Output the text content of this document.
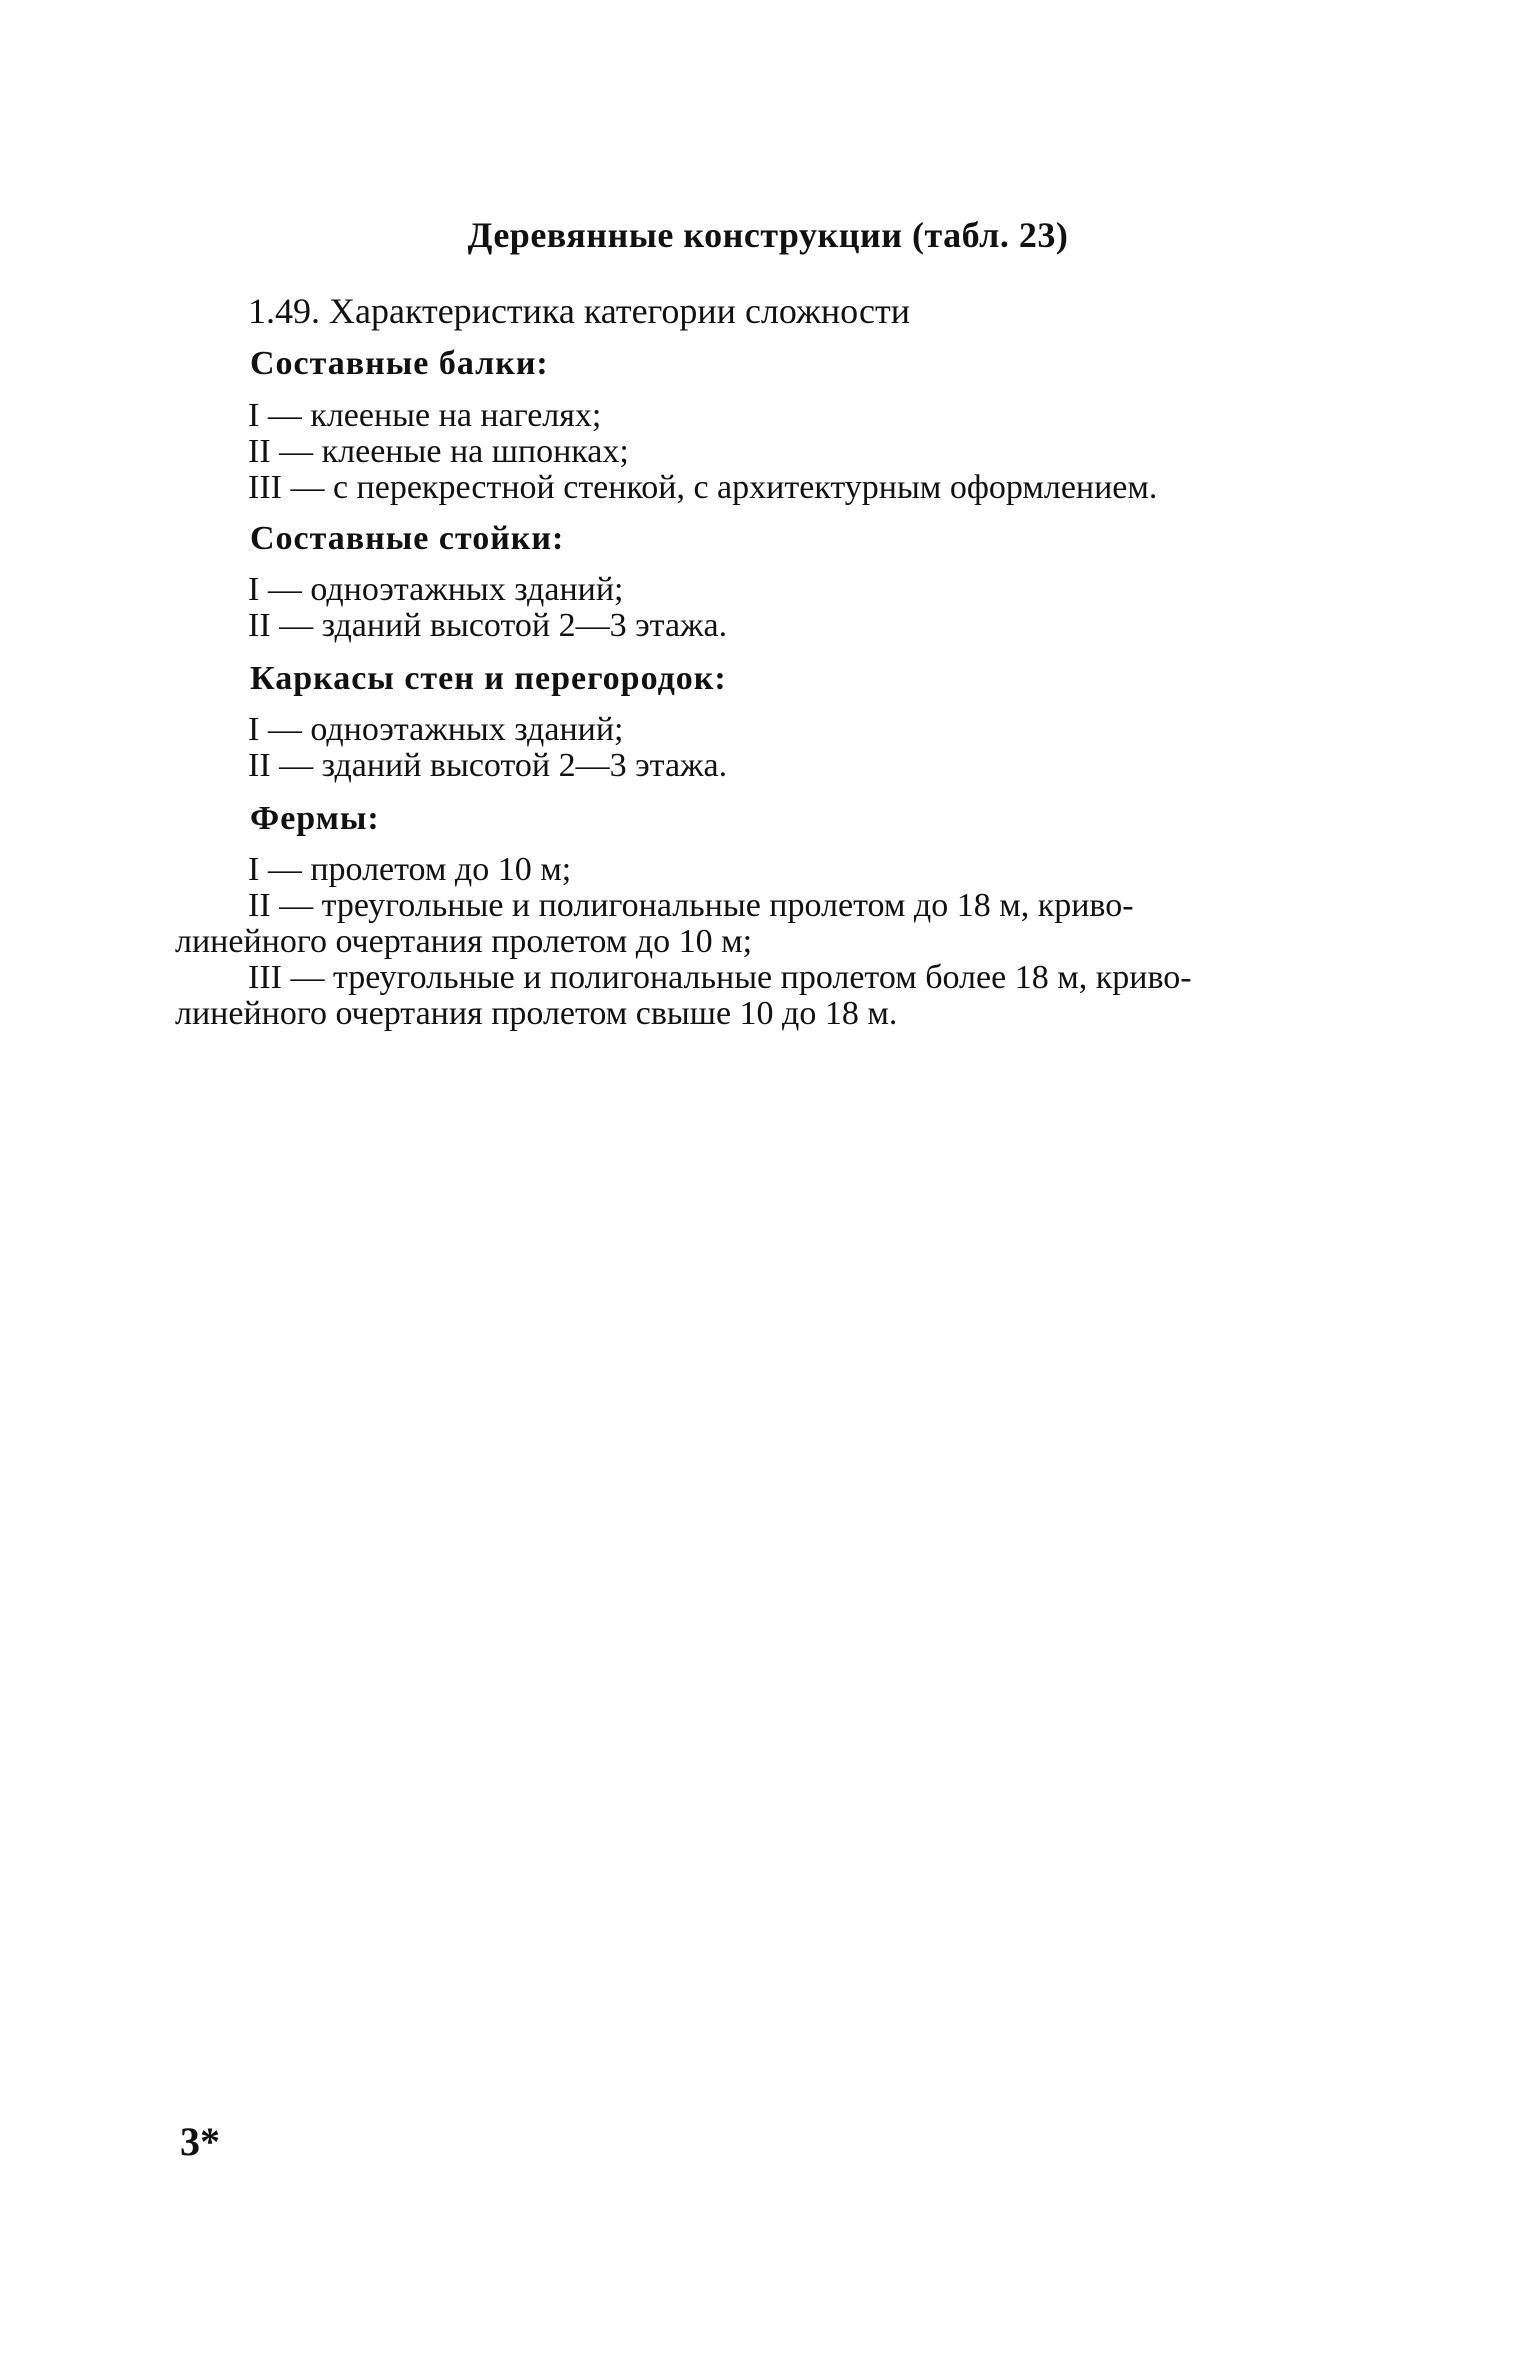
Деревянные конструкции (табл. 23)
1.49. Характеристика категории сложности
Составные балки:
I — клееные на нагелях;
II — клееные на шпонках;
III — с перекрестной стенкой, с архитектурным оформлением.
Составные стойки:
I — одноэтажных зданий;
II — зданий высотой 2—3 этажа.
Каркасы стен и перегородок:
I — одноэтажных зданий;
II — зданий высотой 2—3 этажа.
Фермы:
I — пролетом до 10 м;
II — треугольные и полигональные пролетом до 18 м, криво-
линейного очертания пролетом до 10 м;
III — треугольные и полигональные пролетом более 18 м, криво-
линейного очертания пролетом свыше 10 до 18 м.
3*
